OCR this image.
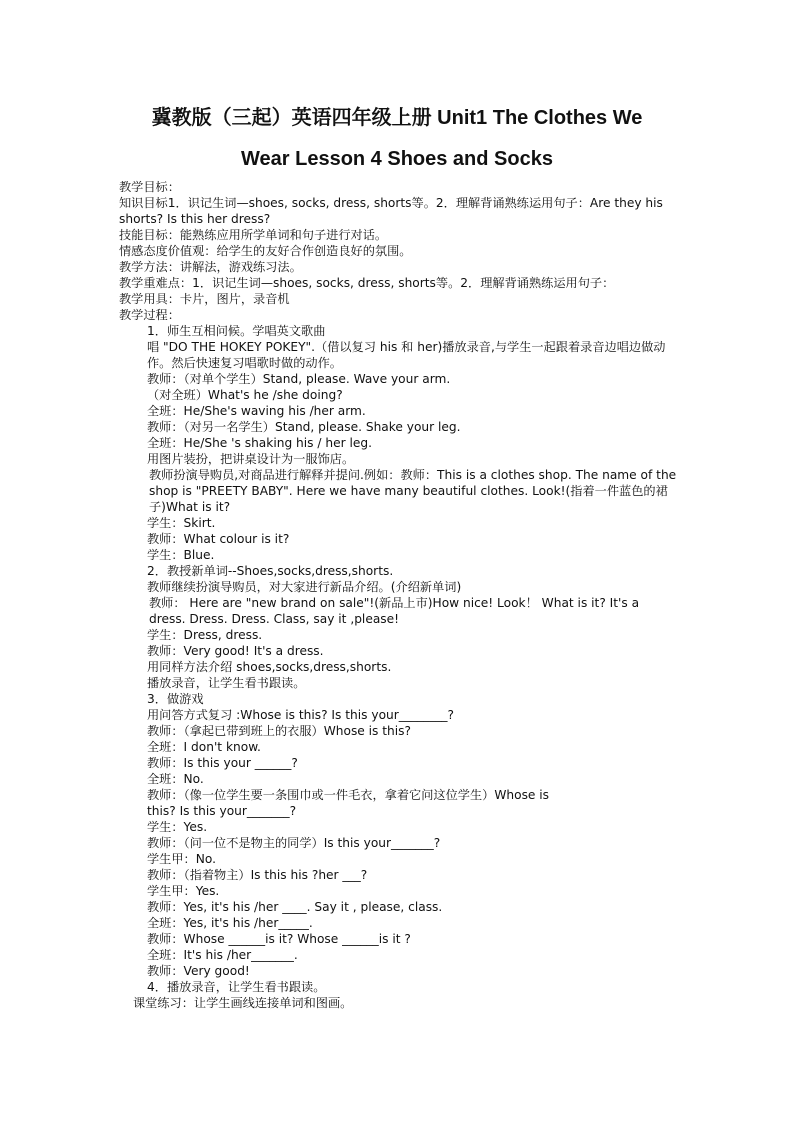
冀教版（三起）英语四年级上册 Unit1 The Clothes We
Wear Lesson 4 Shoes and Socks
教学目标：
知识目标1．识记生词—shoes, socks, dress, shorts等。2．理解背诵熟练运用句子：Are they his shorts? Is this her dress?
技能目标：能熟练应用所学单词和句子进行对话。
情感态度价值观：给学生的友好合作创造良好的氛围。
教学方法：讲解法，游戏练习法。
教学重难点：1．识记生词—shoes, socks, dress, shorts等。2．理解背诵熟练运用句子：
教学用具：卡片，图片，录音机
教学过程：
1．师生互相问候。学唱英文歌曲
唱 "DO THE HOKEY POKEY".（借以复习 his 和 her)播放录音,与学生一起跟着录音边唱边做动作。然后快速复习唱歌时做的动作。
教师：（对单个学生）Stand, please. Wave your arm.
（对全班）What's he /she doing?
全班：He/She's waving his /her arm.
教师：（对另一名学生）Stand, please. Shake your leg.
全班：He/She 's shaking his / her leg.
用图片装扮，把讲桌设计为一服饰店。
教师扮演导购员,对商品进行解释并提问.例如：教师：This is a clothes shop. The name of the shop is "PREETY BABY". Here we have many beautiful clothes. Look!(指着一件蓝色的裙子)What is it?
学生：Skirt.
教师：What colour is it?
学生：Blue.
2．教授新单词--Shoes,socks,dress,shorts.
教师继续扮演导购员，对大家进行新品介绍。(介绍新单词)
教师： Here are "new brand on sale"!(新品上市)How nice! Look！ What is it? It's a dress. Dress. Dress. Class, say it ,please!
学生：Dress, dress.
教师：Very good! It's a dress.
用同样方法介绍 shoes,socks,dress,shorts.
播放录音，让学生看书跟读。
3．做游戏
用问答方式复习 :Whose is this? Is this your________?
教师：（拿起已带到班上的衣服）Whose is this?
全班：I don't know.
教师：Is this your ______?
全班：No.
教师：（像一位学生要一条围巾或一件毛衣，拿着它问这位学生）Whose is
this? Is this your_______?
学生：Yes.
教师：（问一位不是物主的同学）Is this your_______?
学生甲：No.
教师：（指着物主）Is this his ?her ___?
学生甲：Yes.
教师：Yes, it's his /her ____. Say it , please, class.
全班：Yes, it's his /her_____.
教师：Whose ______is it? Whose ______is it ?
全班：It's his /her_______.
教师：Very good!
4．播放录音，让学生看书跟读。
课堂练习：让学生画线连接单词和图画。
